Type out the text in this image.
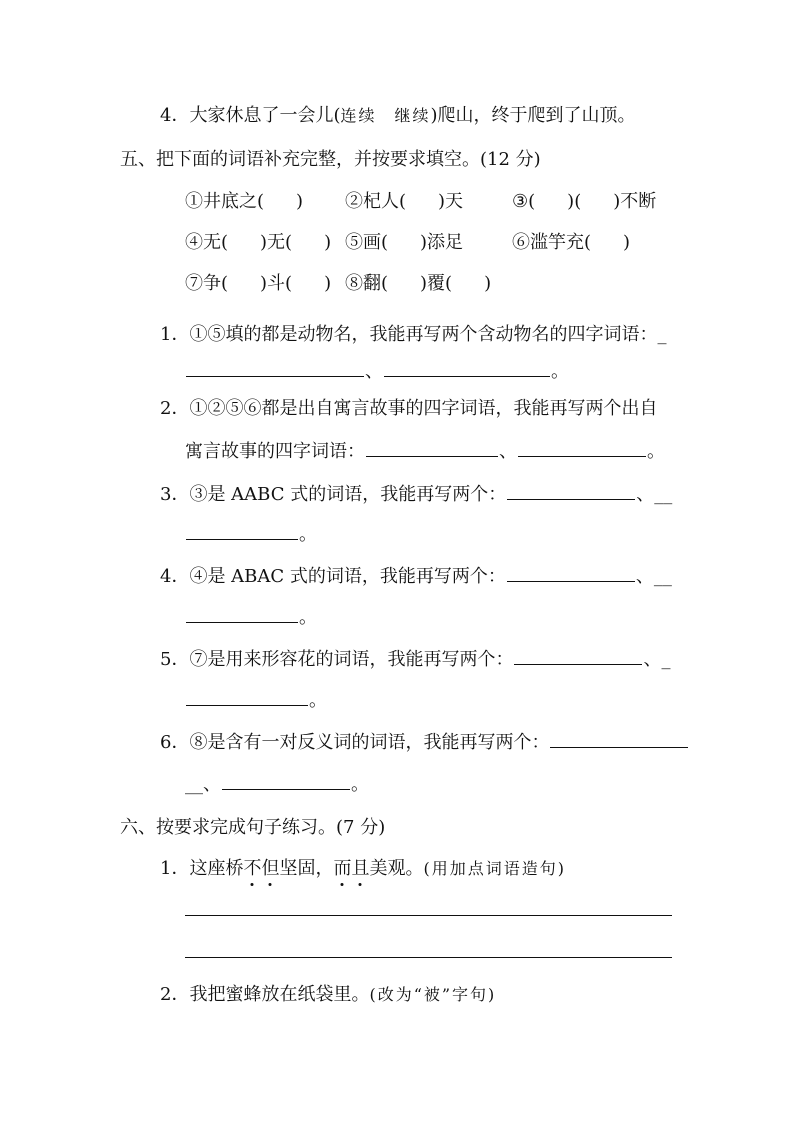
4．大家休息了一会儿(连续 继续)爬山，终于爬到了山顶。
五、把下面的词语补充完整，并按要求填空。(12 分)
①井底之( ) ②杞人( )天	③( )( )不断
④无( )无( ) ⑤画( )添足	⑥滥竽充( )
⑦争( )斗( ) ⑧翻( )覆( )
1．①⑤填的都是动物名，我能再写两个含动物名的四字词语：_
、	。
2．①②⑤⑥都是出自寓言故事的四字词语，我能再写两个出自
寓言故事的四字词语：	、	。
3．③是 AABC 式的词语，我能再写两个：	、__
。
4．④是 ABAC 式的词语，我能再写两个：	、__
。
5．⑦是用来形容花的词语，我能再写两个：	、_
。
6．⑧是含有一对反义词的词语，我能再写两个：
__、	。
六、按要求完成句子练习。(7 分)
1．这座桥不但坚固，而且美观。(用加点词语造句)
2．我把蜜蜂放在纸袋里。(改为“被”字句)
